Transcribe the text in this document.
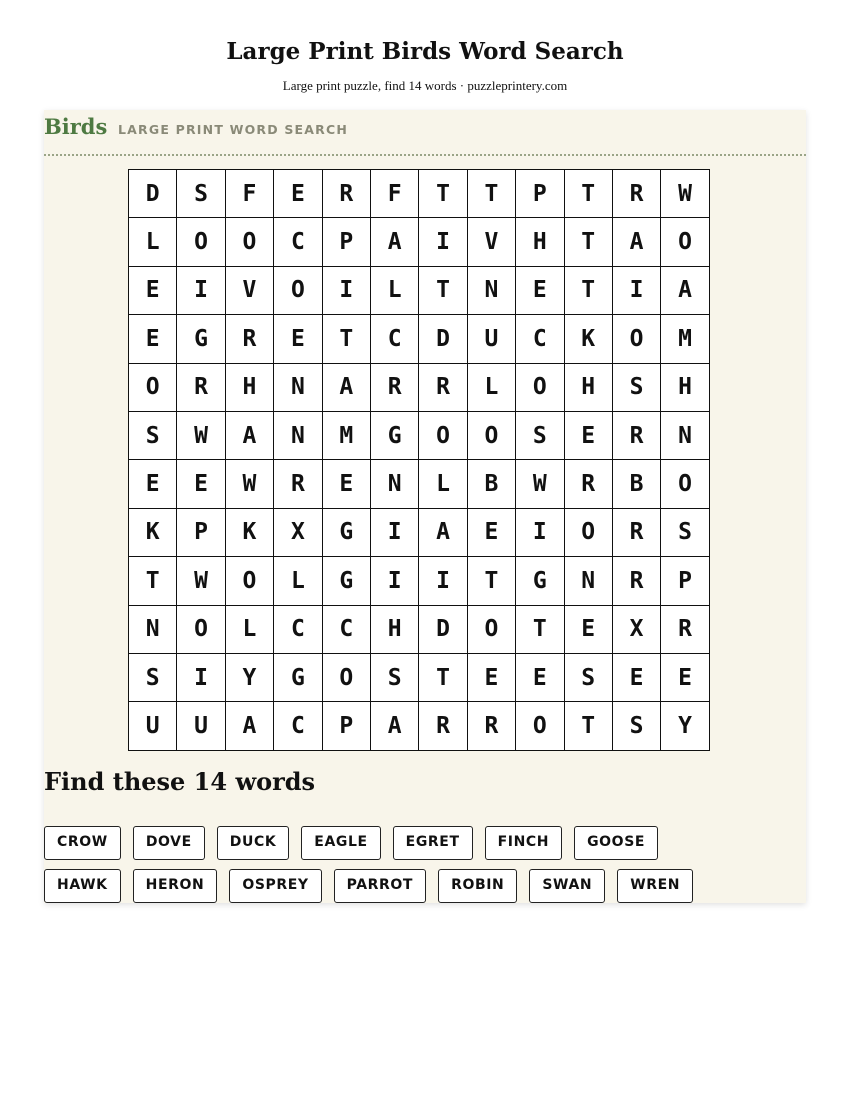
Large Print Birds Word Search
Large print puzzle, find 14 words · puzzleprintery.com
Birds LARGE PRINT WORD SEARCH
D	S	F	E	R	F	T	T	P	T	R	W
L	O	O	C	P	A	I	V	H	T	A	O
E	I	V	O	I	L	T	N	E	T	I	A
E	G	R	E	T	C	D	U	C	K	O	M
O	R	H	N	A	R	R	L	O	H	S	H
S	W	A	N	M	G	O	O	S	E	R	N
E	E	W	R	E	N	L	B	W	R	B	O
K	P	K	X	G	I	A	E	I	O	R	S
T	W	O	L	G	I	I	T	G	N	R	P
N	O	L	C	C	H	D	O	T	E	X	R
S	I	Y	G	O	S	T	E	E	S	E	E
U	U	A	C	P	A	R	R	O	T	S	Y
Find these 14 words
CROW	DOVE	DUCK	EAGLE	EGRET	FINCH	GOOSE
HAWK	HERON	OSPREY	PARROT	ROBIN	SWAN	WREN
